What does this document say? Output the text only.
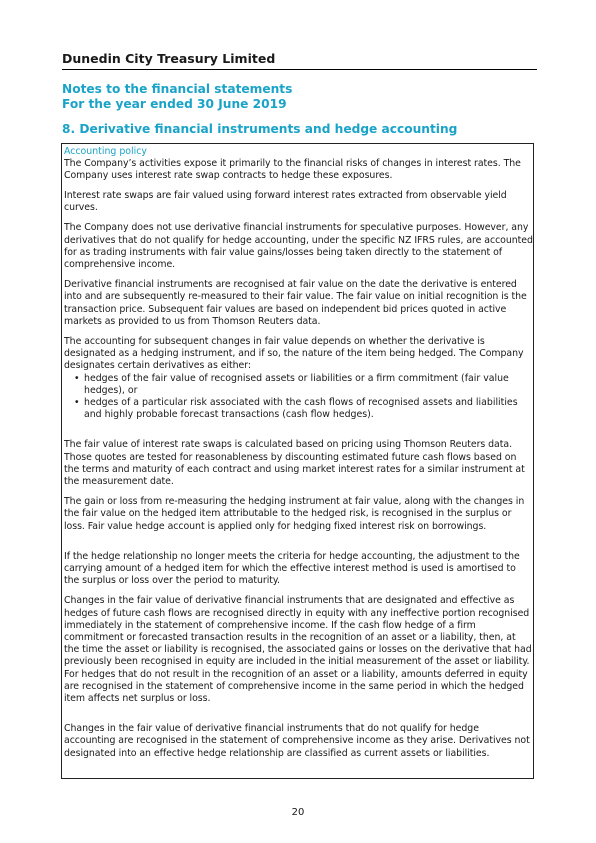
Dunedin City Treasury Limited
Notes to the financial statements
For the year ended 30 June 2019
8. Derivative financial instruments and hedge accounting
Accounting policy

The Company’s activities expose it primarily to the financial risks of changes in interest rates. The Company uses interest rate swap contracts to hedge these exposures.

Interest rate swaps are fair valued using forward interest rates extracted from observable yield curves.

The Company does not use derivative financial instruments for speculative purposes. However, any derivatives that do not qualify for hedge accounting, under the specific NZ IFRS rules, are accounted for as trading instruments with fair value gains/losses being taken directly to the statement of comprehensive income.

Derivative financial instruments are recognised at fair value on the date the derivative is entered into and are subsequently re-measured to their fair value. The fair value on initial recognition is the transaction price. Subsequent fair values are based on independent bid prices quoted in active markets as provided to us from Thomson Reuters data.

The accounting for subsequent changes in fair value depends on whether the derivative is designated as a hedging instrument, and if so, the nature of the item being hedged. The Company designates certain derivatives as either:

• hedges of the fair value of recognised assets or liabilities or a firm commitment (fair value hedges), or
• hedges of a particular risk associated with the cash flows of recognised assets and liabilities and highly probable forecast transactions (cash flow hedges).

The fair value of interest rate swaps is calculated based on pricing using Thomson Reuters data. Those quotes are tested for reasonableness by discounting estimated future cash flows based on the terms and maturity of each contract and using market interest rates for a similar instrument at the measurement date.

The gain or loss from re-measuring the hedging instrument at fair value, along with the changes in the fair value on the hedged item attributable to the hedged risk, is recognised in the surplus or loss. Fair value hedge account is applied only for hedging fixed interest risk on borrowings.

If the hedge relationship no longer meets the criteria for hedge accounting, the adjustment to the carrying amount of a hedged item for which the effective interest method is used is amortised to the surplus or loss over the period to maturity.

Changes in the fair value of derivative financial instruments that are designated and effective as hedges of future cash flows are recognised directly in equity with any ineffective portion recognised immediately in the statement of comprehensive income. If the cash flow hedge of a firm commitment or forecasted transaction results in the recognition of an asset or a liability, then, at the time the asset or liability is recognised, the associated gains or losses on the derivative that had previously been recognised in equity are included in the initial measurement of the asset or liability. For hedges that do not result in the recognition of an asset or a liability, amounts deferred in equity are recognised in the statement of comprehensive income in the same period in which the hedged item affects net surplus or loss.

Changes in the fair value of derivative financial instruments that do not qualify for hedge accounting are recognised in the statement of comprehensive income as they arise. Derivatives not designated into an effective hedge relationship are classified as current assets or liabilities.

20
